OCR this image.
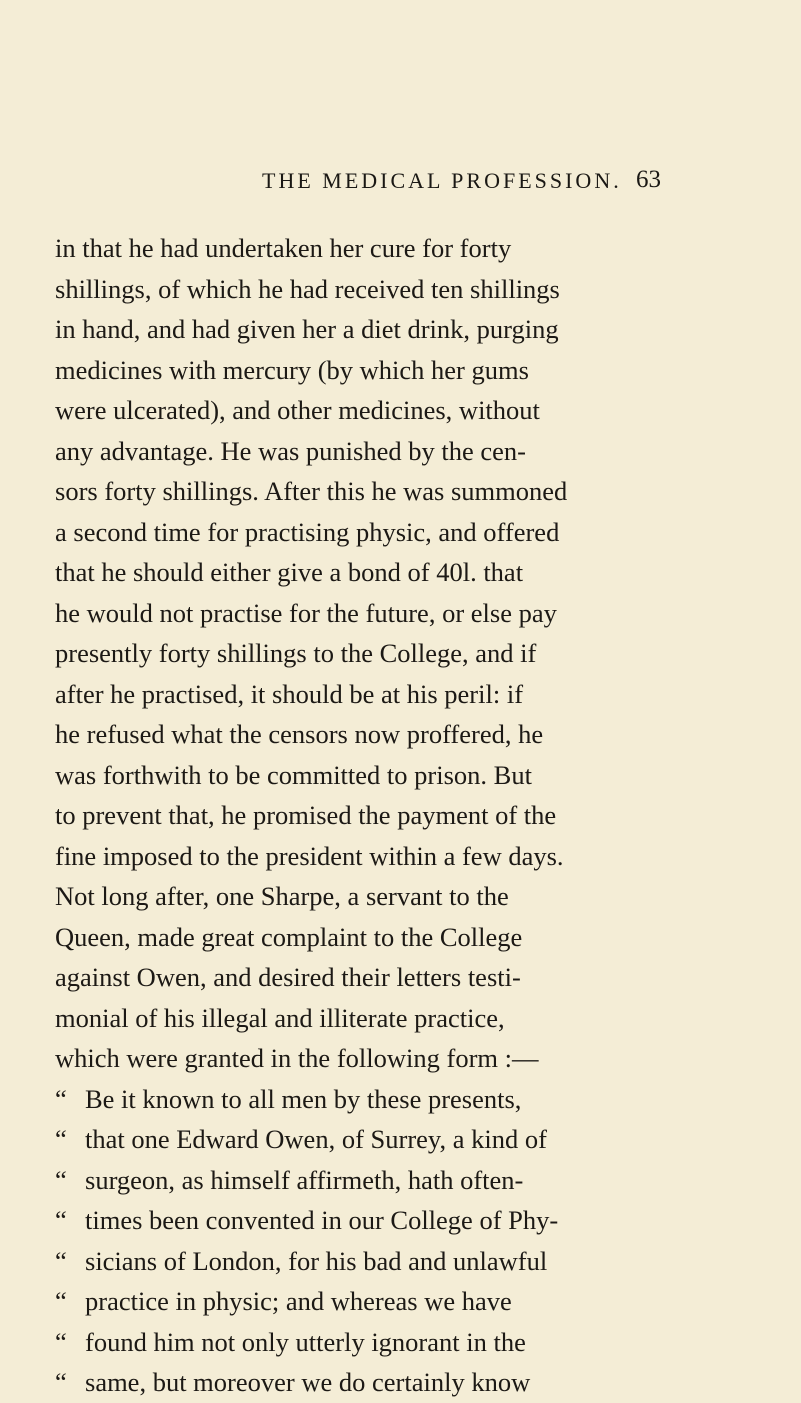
THE MEDICAL PROFESSION. 63
in that he had undertaken her cure for forty
shillings, of which he had received ten shillings
in hand, and had given her a diet drink, purging
medicines with mercury (by which her gums
were ulcerated), and other medicines, without
any advantage. He was punished by the cen-
sors forty shillings. After this he was summoned
a second time for practising physic, and offered
that he should either give a bond of 40l. that
he would not practise for the future, or else pay
presently forty shillings to the College, and if
after he practised, it should be at his peril: if
he refused what the censors now proffered, he
was forthwith to be committed to prison. But
to prevent that, he promised the payment of the
fine imposed to the president within a few days.
Not long after, one Sharpe, a servant to the
Queen, made great complaint to the College
against Owen, and desired their letters testi-
monial of his illegal and illiterate practice,
which were granted in the following form :—
“ Be it known to all men by these presents,
“ that one Edward Owen, of Surrey, a kind of
“ surgeon, as himself affirmeth, hath often-
“ times been convented in our College of Phy-
“ sicians of London, for his bad and unlawful
“ practice in physic; and whereas we have
“ found him not only utterly ignorant in the
“ same, but moreover we do certainly know
